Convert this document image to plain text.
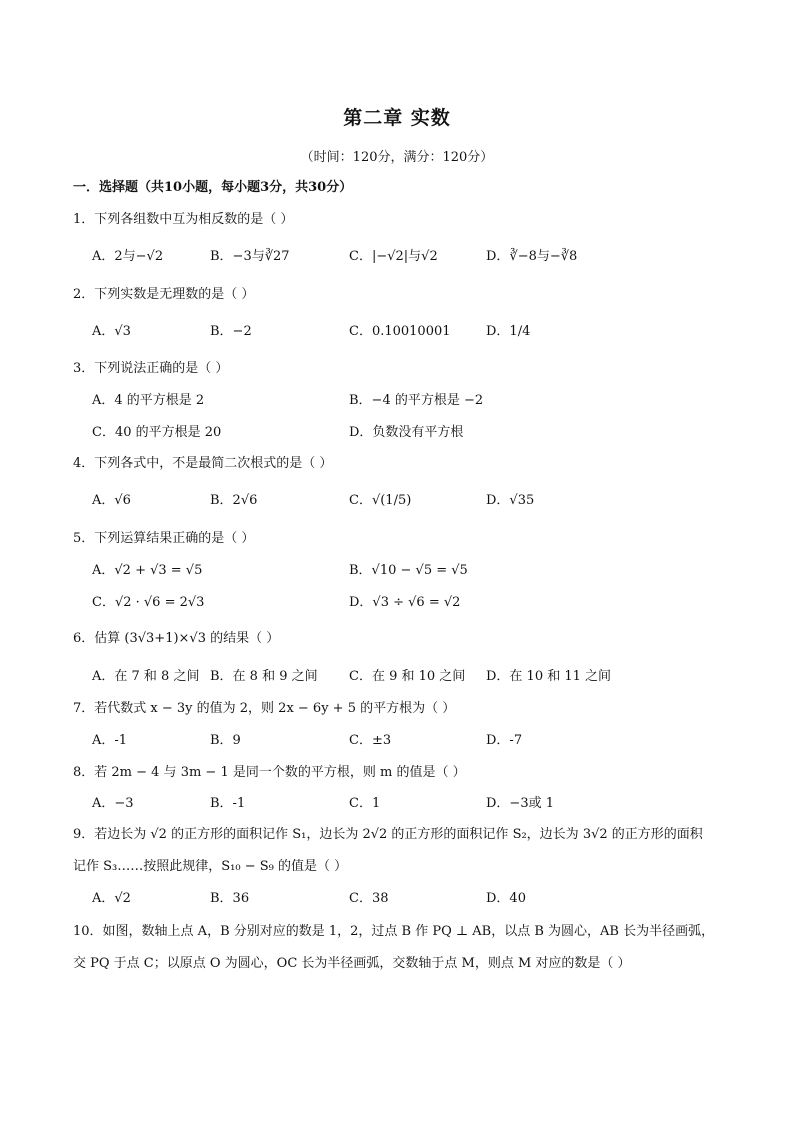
第二章 实数
（时间：120分，满分：120分）
一．选择题（共10小题，每小题3分，共30分）
1．下列各组数中互为相反数的是（ ）
A．2与−√2	B．−3与∛27	C．|−√2|与√2	D．∛−8与−∛8
2．下列实数是无理数的是（ ）
A．√3	B．−2	C．0.10010001	D．1/4
3．下列说法正确的是（ ）
A．4 的平方根是 2	B．−4 的平方根是 −2
C．40 的平方根是 20	D．负数没有平方根
4．下列各式中，不是最简二次根式的是（ ）
A．√6	B．2√6	C．√(1/5)	D．√35
5．下列运算结果正确的是（ ）
A．√2 + √3 = √5	B．√10 − √5 = √5
C．√2 · √6 = 2√3	D．√3 ÷ √6 = √2
6．估算 (3√3+1)×√3 的结果（ ）
A．在 7 和 8 之间 B．在 8 和 9 之间 C．在 9 和 10 之间 D．在 10 和 11 之间
7．若代数式 x − 3y 的值为 2，则 2x − 6y + 5 的平方根为（ ）
A．-1	B．9	C．±3	D．-7
8．若 2m − 4 与 3m − 1 是同一个数的平方根，则 m 的值是（ ）
A．−3	B．-1	C．1	D．−3或 1
9．若边长为 √2 的正方形的面积记作 S₁，边长为 2√2 的正方形的面积记作 S₂，边长为 3√2 的正方形的面积
记作 S₃……按照此规律，S₁₀ − S₉ 的值是（ ）
A．√2	B．36	C．38	D．40
10．如图，数轴上点 A，B 分别对应的数是 1，2，过点 B 作 PQ ⊥ AB，以点 B 为圆心，AB 长为半径画弧，
交 PQ 于点 C；以原点 O 为圆心，OC 长为半径画弧，交数轴于点 M，则点 M 对应的数是（ ）
